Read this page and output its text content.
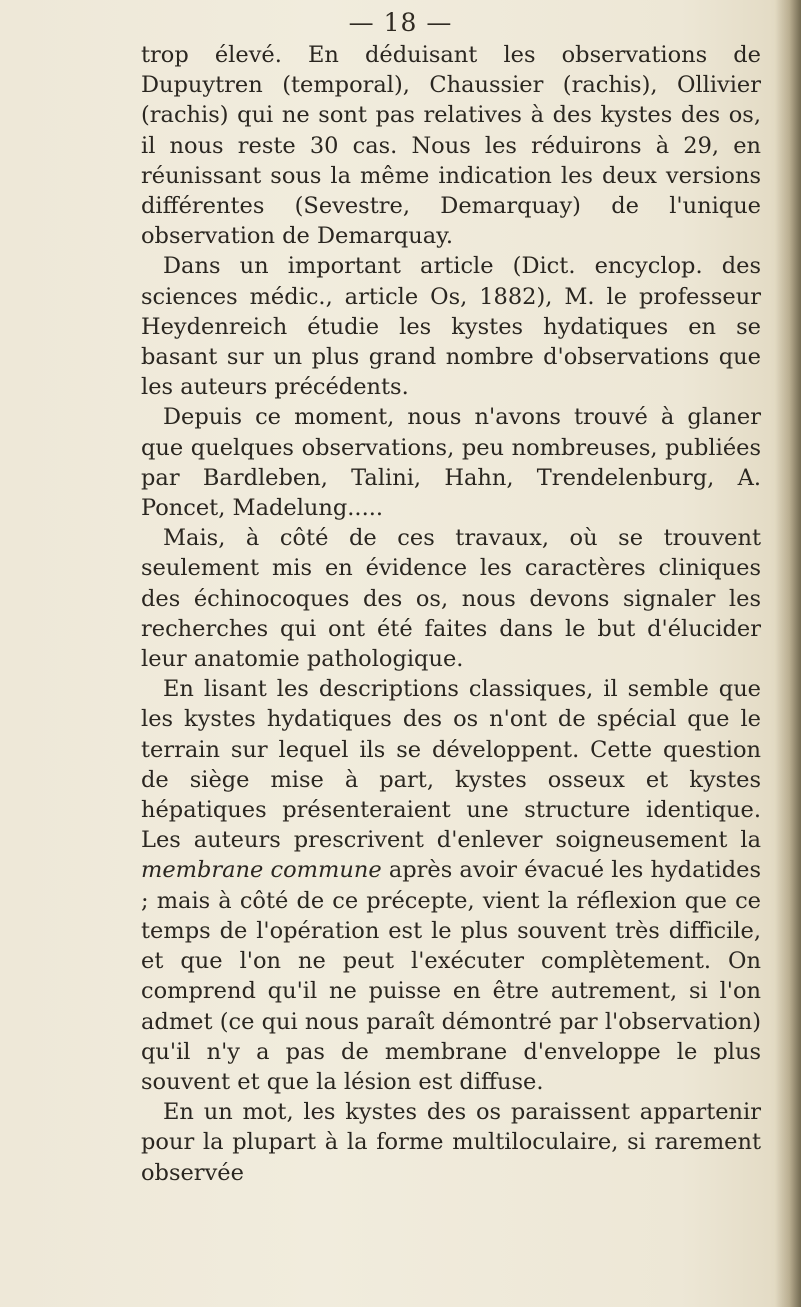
— 18 —

trop élevé. En déduisant les observations de Dupuytren (temporal), Chaussier (rachis), Ollivier (rachis) qui ne sont pas relatives à des kystes des os, il nous reste 30 cas. Nous les réduirons à 29, en réunissant sous la même indication les deux versions différentes (Sevestre, Demarquay) de l'unique observation de Demarquay.

Dans un important article (Dict. encyclop. des sciences médic., article Os, 1882), M. le professeur Heydenreich étudie les kystes hydatiques en se basant sur un plus grand nombre d'observations que les auteurs précédents.

Depuis ce moment, nous n'avons trouvé à glaner que quelques observations, peu nombreuses, publiées par Bardleben, Talini, Hahn, Trendelenburg, A. Poncet, Madelung.....

Mais, à côté de ces travaux, où se trouvent seulement mis en évidence les caractères cliniques des échinocoques des os, nous devons signaler les recherches qui ont été faites dans le but d'élucider leur anatomie pathologique.

En lisant les descriptions classiques, il semble que les kystes hydatiques des os n'ont de spécial que le terrain sur lequel ils se développent. Cette question de siège mise à part, kystes osseux et kystes hépatiques présenteraient une structure identique. Les auteurs prescrivent d'enlever soigneusement la membrane commune après avoir évacué les hydatides ; mais à côté de ce précepte, vient la réflexion que ce temps de l'opération est le plus souvent très difficile, et que l'on ne peut l'exécuter complètement. On comprend qu'il ne puisse en être autrement, si l'on admet (ce qui nous paraît démontré par l'observation) qu'il n'y a pas de membrane d'enveloppe le plus souvent et que la lésion est diffuse.

En un mot, les kystes des os paraissent appartenir pour la plupart à la forme multiloculaire, si rarement observée
